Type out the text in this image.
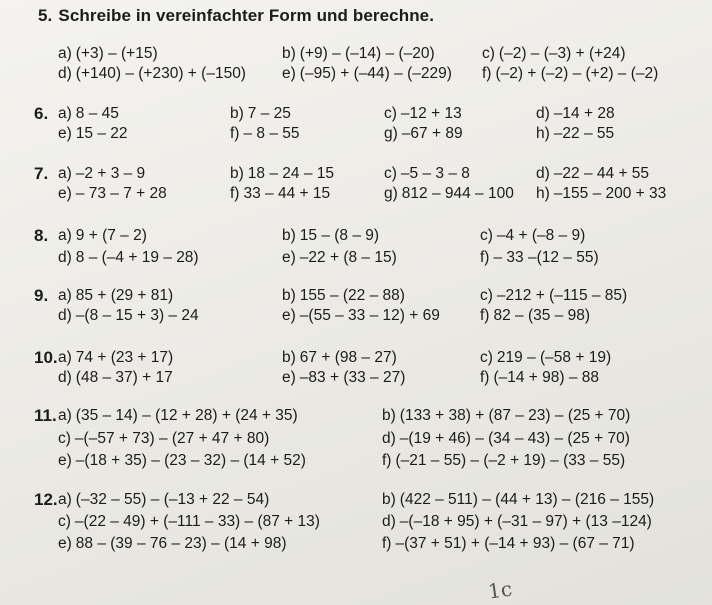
5. Schreibe in vereinfachter Form und berechne.
a) (+3) – (+15)	b) (+9) – (–14) – (–20)	c) (–2) – (–3) + (+24)
d) (+140) – (+230) + (–150) e) (–95) + (–44) – (–229) f) (–2) + (–2) – (+2) – (–2)
6. a) 8 – 45	b) 7 – 25	c) –12 + 13	d) –14 + 28
e) 15 – 22	f) – 8 – 55	g) –67 + 89	h) –22 – 55
7. a) –2 + 3 – 9	b) 18 – 24 – 15	c) –5 – 3 – 8	d) –22 – 44 + 55
e) – 73 – 7 + 28	f) 33 – 44 + 15	g) 812 – 944 – 100 h) –155 – 200 + 33
8. a) 9 + (7 – 2)	b) 15 – (8 – 9)	c) –4 + (–8 – 9)
d) 8 – (–4 + 19 – 28)	e) –22 + (8 – 15)	f) – 33 –(12 – 55)
9. a) 85 + (29 + 81)	b) 155 – (22 – 88)	c) –212 + (–115 – 85)
d) –(8 – 15 + 3) – 24	e) –(55 – 33 – 12) + 69	f) 82 – (35 – 98)
10. a) 74 + (23 + 17)	b) 67 + (98 – 27)	c) 219 – (–58 + 19)
d) (48 – 37) + 17	e) –83 + (33 – 27)	f) (–14 + 98) – 88
11. a) (35 – 14) – (12 + 28) + (24 + 35)	b) (133 + 38) + (87 – 23) – (25 + 70)
c) –(–57 + 73) – (27 + 47 + 80)	d) –(19 + 46) – (34 – 43) – (25 + 70)
e) –(18 + 35) – (23 – 32) – (14 + 52)	f) (–21 – 55) – (–2 + 19) – (33 – 55)
12. a) (–32 – 55) – (–13 + 22 – 54)	b) (422 – 511) – (44 + 13) – (216 – 155)
c) –(22 – 49) + (–111 – 33) – (87 + 13)	d) –(–18 + 95) + (–31 – 97) + (13 –124)
e) 88 – (39 – 76 – 23) – (14 + 98)	f) –(37 + 51) + (–14 + 93) – (67 – 71)
1c
